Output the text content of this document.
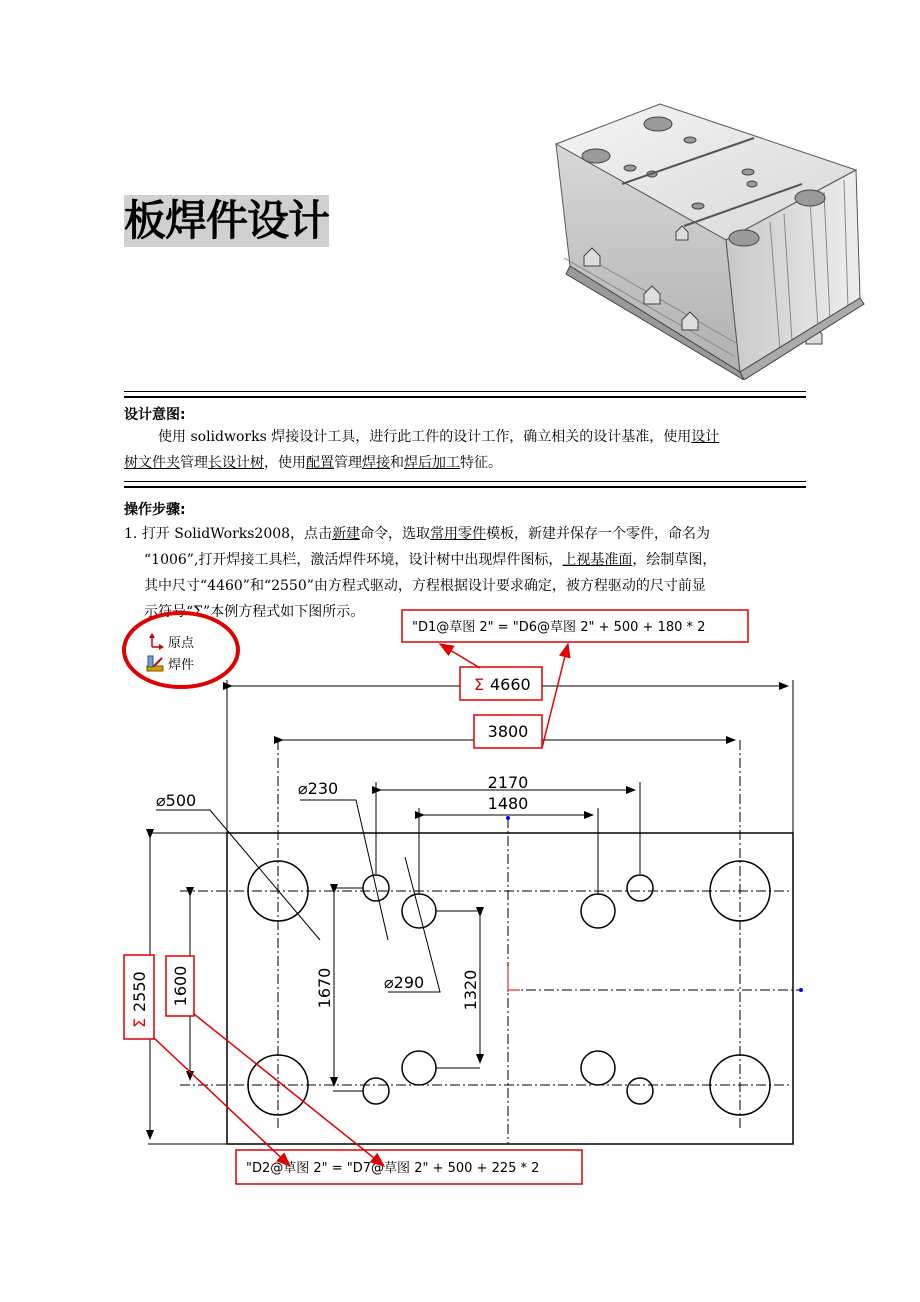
板焊件设计
设计意图:
使用 solidworks 焊接设计工具，进行此工件的设计工作，确立相关的设计基准，使用设计
树文件夹管理长设计树，使用配置管理焊接和焊后加工特征。
操作步骤:
1. 打开 SolidWorks2008，点击新建命令，选取常用零件模板，新建并保存一个零件，命名为
“1006”,打开焊接工具栏，激活焊件环境，设计树中出现焊件图标，上视基准面，绘制草图，
其中尺寸“4460”和“2550”由方程式驱动，方程根据设计要求确定，被方程驱动的尺寸前显
示符号“Σ”本例方程式如下图所示。
原点
焊件
⌀500
⌀230
⌀290
2170
1480
1670	1320
Σ 4660
3800
Σ
2550 1600
"D1@草图 2" = "D6@草图 2" + 500 + 180 * 2
"D2@草图 2" = "D7@草图 2" + 500 + 225 * 2
